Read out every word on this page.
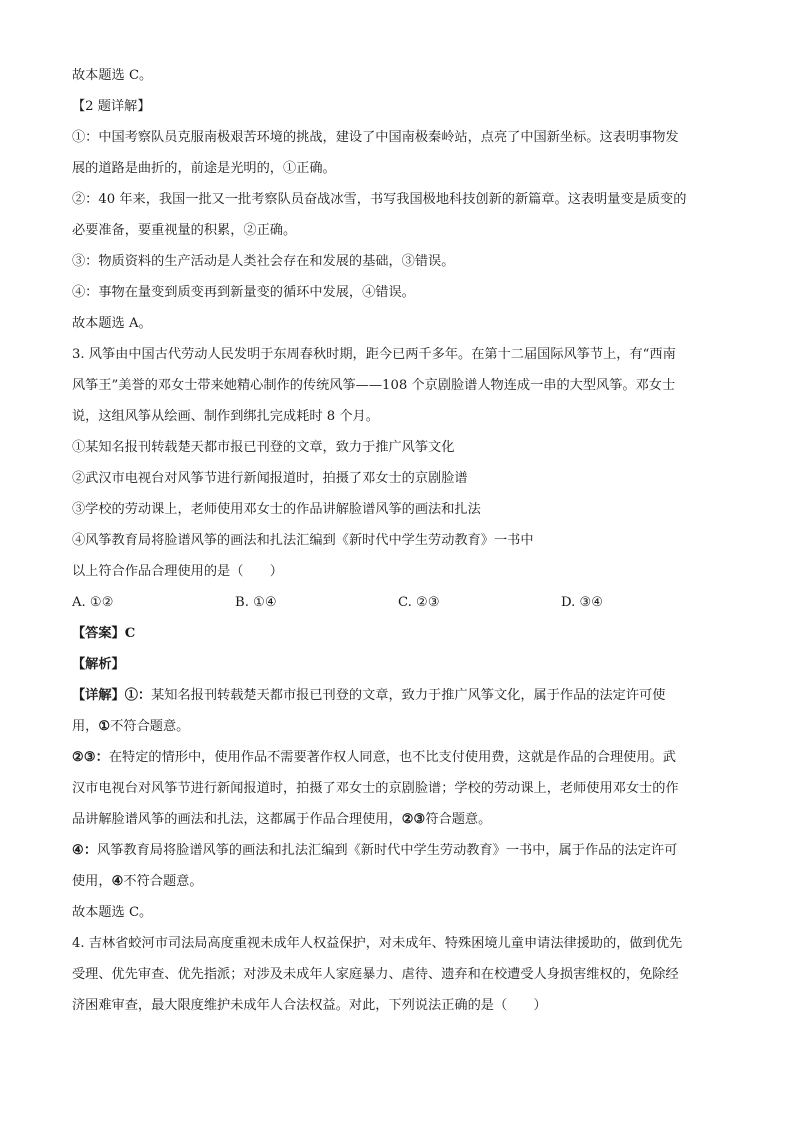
故本题选 C。

【2 题详解】

①：中国考察队员克服南极艰苦环境的挑战，建设了中国南极秦岭站，点亮了中国新坐标。这表明事物发

展的道路是曲折的，前途是光明的，①正确。

②：40 年来，我国一批又一批考察队员奋战冰雪，书写我国极地科技创新的新篇章。这表明量变是质变的

必要准备，要重视量的积累，②正确。

③：物质资料的生产活动是人类社会存在和发展的基础，③错误。

④：事物在量变到质变再到新量变的循环中发展，④错误。

故本题选 A。

3. 风筝由中国古代劳动人民发明于东周春秋时期，距今已两千多年。在第十二届国际风筝节上，有“西南

风筝王”美誉的邓女士带来她精心制作的传统风筝——108 个京剧脸谱人物连成一串的大型风筝。邓女士

说，这组风筝从绘画、制作到绑扎完成耗时 8 个月。

①某知名报刊转载楚天都市报已刊登的文章，致力于推广风筝文化

②武汉市电视台对风筝节进行新闻报道时，拍摄了邓女士的京剧脸谱

③学校的劳动课上，老师使用邓女士的作品讲解脸谱风筝的画法和扎法

④风筝教育局将脸谱风筝的画法和扎法汇编到《新时代中学生劳动教育》一书中

以上符合作品合理使用的是（　　）

A. ①②	B. ①④	C. ②③	D. ③④

【答案】C

【解析】

【详解】①：某知名报刊转载楚天都市报已刊登的文章，致力于推广风筝文化，属于作品的法定许可使

用，①不符合题意。

②③：在特定的情形中，使用作品不需要著作权人同意，也不比支付使用费，这就是作品的合理使用。武

汉市电视台对风筝节进行新闻报道时，拍摄了邓女士的京剧脸谱；学校的劳动课上，老师使用邓女士的作

品讲解脸谱风筝的画法和扎法，这都属于作品合理使用，②③符合题意。

④：风筝教育局将脸谱风筝的画法和扎法汇编到《新时代中学生劳动教育》一书中，属于作品的法定许可

使用，④不符合题意。

故本题选 C。

4. 吉林省蛟河市司法局高度重视未成年人权益保护，对未成年、特殊困境儿童申请法律援助的，做到优先

受理、优先审查、优先指派；对涉及未成年人家庭暴力、虐待、遗弃和在校遭受人身损害维权的，免除经

济困难审查，最大限度维护未成年人合法权益。对此，下列说法正确的是（　　）
